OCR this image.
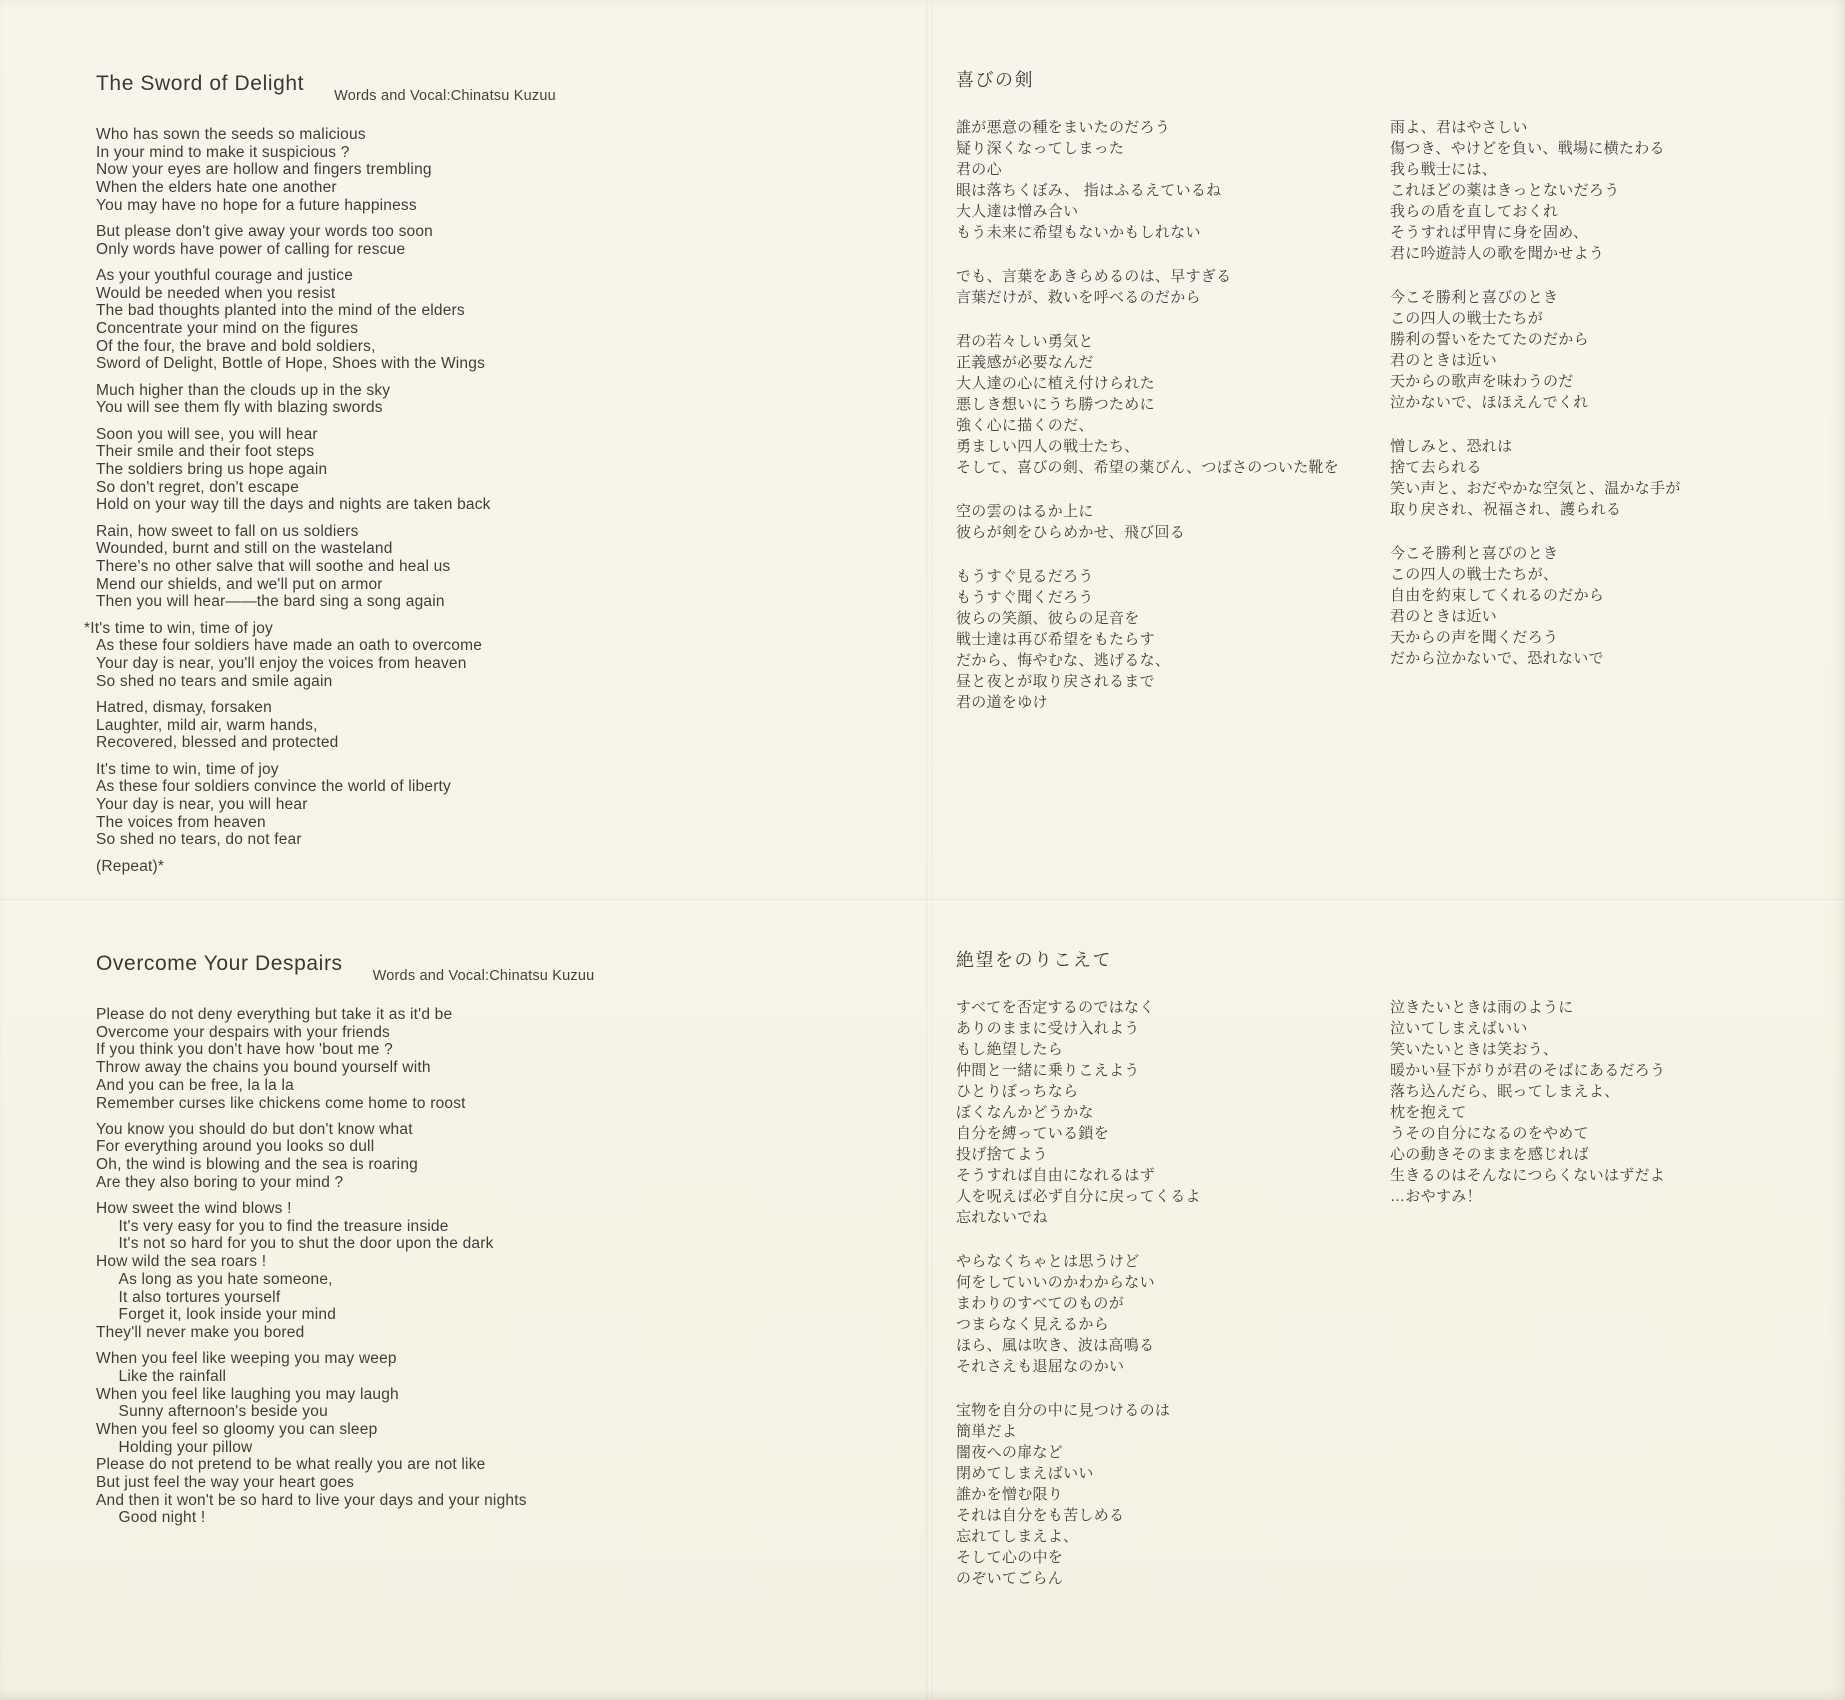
The Sword of Delight
Words and Vocal:Chinatsu Kuzuu
Who has sown the seeds so malicious
In your mind to make it suspicious ?
Now your eyes are hollow and fingers trembling
When the elders hate one another
You may have no hope for a future happiness
But please don't give away your words too soon
Only words have power of calling for rescue
As your youthful courage and justice
Would be needed when you resist
The bad thoughts planted into the mind of the elders
Concentrate your mind on the figures
Of the four, the brave and bold soldiers,
Sword of Delight, Bottle of Hope, Shoes with the Wings
Much higher than the clouds up in the sky
You will see them fly with blazing swords
Soon you will see, you will hear
Their smile and their foot steps
The soldiers bring us hope again
So don't regret, don't escape
Hold on your way till the days and nights are taken back
Rain, how sweet to fall on us soldiers
Wounded, burnt and still on the wasteland
There's no other salve that will soothe and heal us
Mend our shields, and we'll put on armor
Then you will hear——the bard sing a song again
*It's time to win, time of joy
As these four soldiers have made an oath to overcome
Your day is near, you'll enjoy the voices from heaven
So shed no tears and smile again
Hatred, dismay, forsaken
Laughter, mild air, warm hands,
Recovered, blessed and protected
It's time to win, time of joy
As these four soldiers convince the world of liberty
Your day is near, you will hear
The voices from heaven
So shed no tears, do not fear
(Repeat)*
喜びの剣
誰が悪意の種をまいたのだろう
疑り深くなってしまった
君の心
眼は落ちくぼみ、 指はふるえているね
大人達は憎み合い
もう未来に希望もないかもしれない
でも、言葉をあきらめるのは、早すぎる
言葉だけが、救いを呼べるのだから
君の若々しい勇気と
正義感が必要なんだ
大人達の心に植え付けられた
悪しき想いにうち勝つために
強く心に描くのだ、
勇ましい四人の戦士たち、
そして、喜びの剣、希望の薬びん、つばさのついた靴を
空の雲のはるか上に
彼らが剣をひらめかせ、飛び回る
もうすぐ見るだろう
もうすぐ聞くだろう
彼らの笑顔、彼らの足音を
戦士達は再び希望をもたらす
だから、悔やむな、逃げるな、
昼と夜とが取り戻されるまで
君の道をゆけ
雨よ、君はやさしい
傷つき、やけどを負い、戦場に横たわる
我ら戦士には、
これほどの薬はきっとないだろう
我らの盾を直しておくれ
そうすれば甲冑に身を固め、
君に吟遊詩人の歌を聞かせよう
今こそ勝利と喜びのとき
この四人の戦士たちが
勝利の誓いをたてたのだから
君のときは近い
天からの歌声を味わうのだ
泣かないで、ほほえんでくれ
憎しみと、恐れは
捨て去られる
笑い声と、おだやかな空気と、温かな手が
取り戻され、祝福され、護られる
今こそ勝利と喜びのとき
この四人の戦士たちが、
自由を約束してくれるのだから
君のときは近い
天からの声を聞くだろう
だから泣かないで、恐れないで
Overcome Your Despairs
Words and Vocal:Chinatsu Kuzuu
Please do not deny everything but take it as it'd be
Overcome your despairs with your friends
If you think you don't have how 'bout me ?
Throw away the chains you bound yourself with
And you can be free, la la la
Remember curses like chickens come home to roost
You know you should do but don't know what
For everything around you looks so dull
Oh, the wind is blowing and the sea is roaring
Are they also boring to your mind ?
How sweet the wind blows !
It's very easy for you to find the treasure inside
It's not so hard for you to shut the door upon the dark
How wild the sea roars !
As long as you hate someone,
It also tortures yourself
Forget it, look inside your mind
They'll never make you bored
When you feel like weeping you may weep
Like the rainfall
When you feel like laughing you may laugh
Sunny afternoon's beside you
When you feel so gloomy you can sleep
Holding your pillow
Please do not pretend to be what really you are not like
But just feel the way your heart goes
And then it won't be so hard to live your days and your nights
Good night !
絶望をのりこえて
すべてを否定するのではなく
ありのままに受け入れよう
もし絶望したら
仲間と一緒に乗りこえよう
ひとりぼっちなら
ぼくなんかどうかな
自分を縛っている鎖を
投げ捨てよう
そうすれば自由になれるはず
人を呪えば必ず自分に戻ってくるよ
忘れないでね
やらなくちゃとは思うけど
何をしていいのかわからない
まわりのすべてのものが
つまらなく見えるから
ほら、風は吹き、波は高鳴る
それさえも退屈なのかい
宝物を自分の中に見つけるのは
簡単だよ
闇夜への扉など
閉めてしまえばいい
誰かを憎む限り
それは自分をも苦しめる
忘れてしまえよ、
そして心の中を
のぞいてごらん
泣きたいときは雨のように
泣いてしまえばいい
笑いたいときは笑おう、
暖かい昼下がりが君のそばにあるだろう
落ち込んだら、眠ってしまえよ、
枕を抱えて
うその自分になるのをやめて
心の動きそのままを感じれば
生きるのはそんなにつらくないはずだよ
…おやすみ！
